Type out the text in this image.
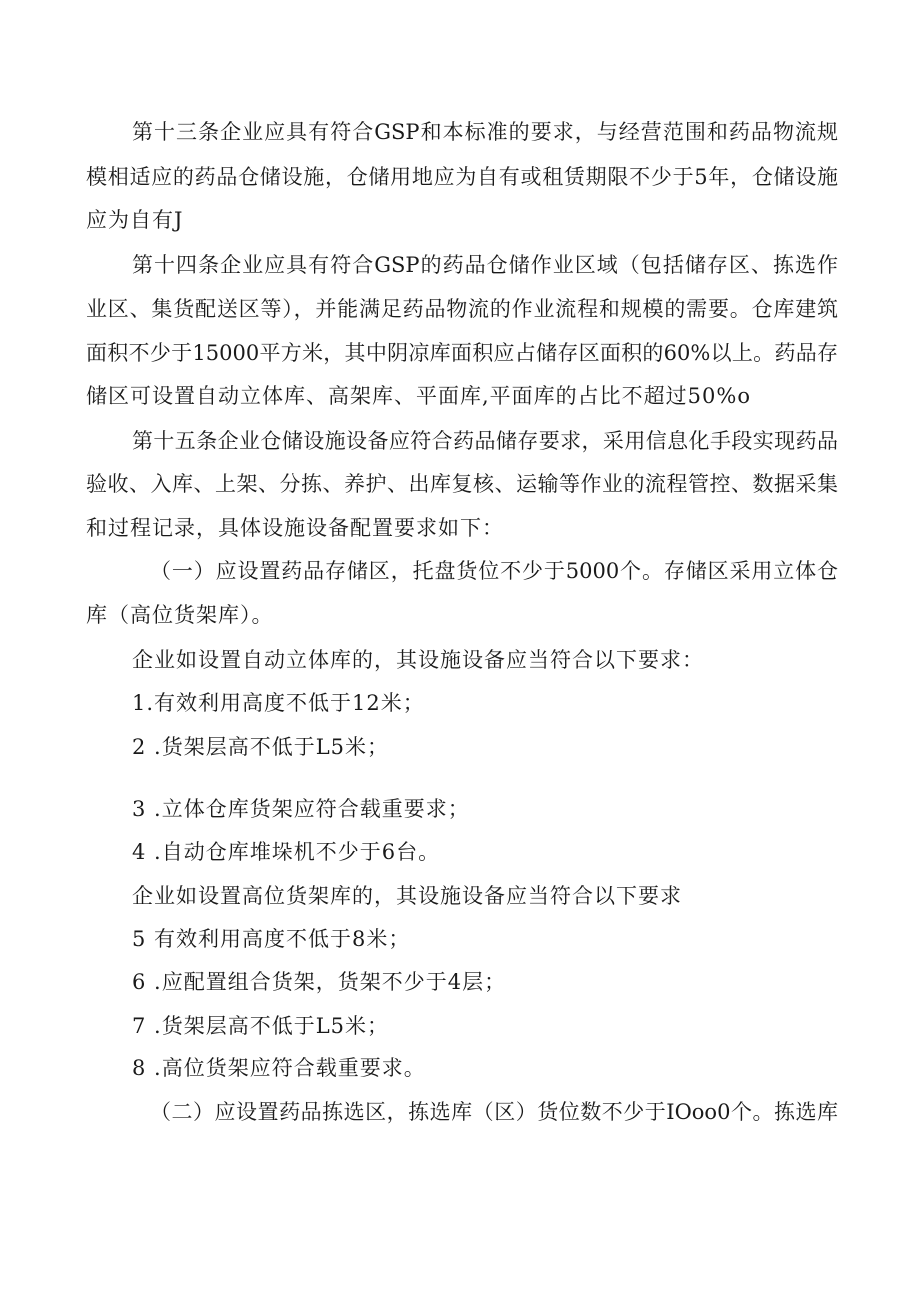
第十三条企业应具有符合GSP和本标准的要求，与经营范围和药品物流规
模相适应的药品仓储设施，仓储用地应为自有或租赁期限不少于5年，仓储设施
应为自有J
第十四条企业应具有符合GSP的药品仓储作业区域（包括储存区、拣选作
业区、集货配送区等），并能满足药品物流的作业流程和规模的需要。仓库建筑
面积不少于15000平方米，其中阴凉库面积应占储存区面积的60%以上。药品存
储区可设置自动立体库、高架库、平面库,平面库的占比不超过50%o
第十五条企业仓储设施设备应符合药品储存要求，采用信息化手段实现药品
验收、入库、上架、分拣、养护、出库复核、运输等作业的流程管控、数据采集
和过程记录，具体设施设备配置要求如下：
（一）应设置药品存储区，托盘货位不少于5000个。存储区采用立体仓
库（高位货架库）。
企业如设置自动立体库的，其设施设备应当符合以下要求：
1.有效利用高度不低于12米；
2 .货架层高不低于L5米；
3 .立体仓库货架应符合载重要求；
4 .自动仓库堆垛机不少于6台。
企业如设置高位货架库的，其设施设备应当符合以下要求
5 有效利用高度不低于8米；
6 .应配置组合货架，货架不少于4层；
7 .货架层高不低于L5米；
8 .高位货架应符合载重要求。
（二）应设置药品拣选区，拣选库（区）货位数不少于IOoo0个。拣选库
